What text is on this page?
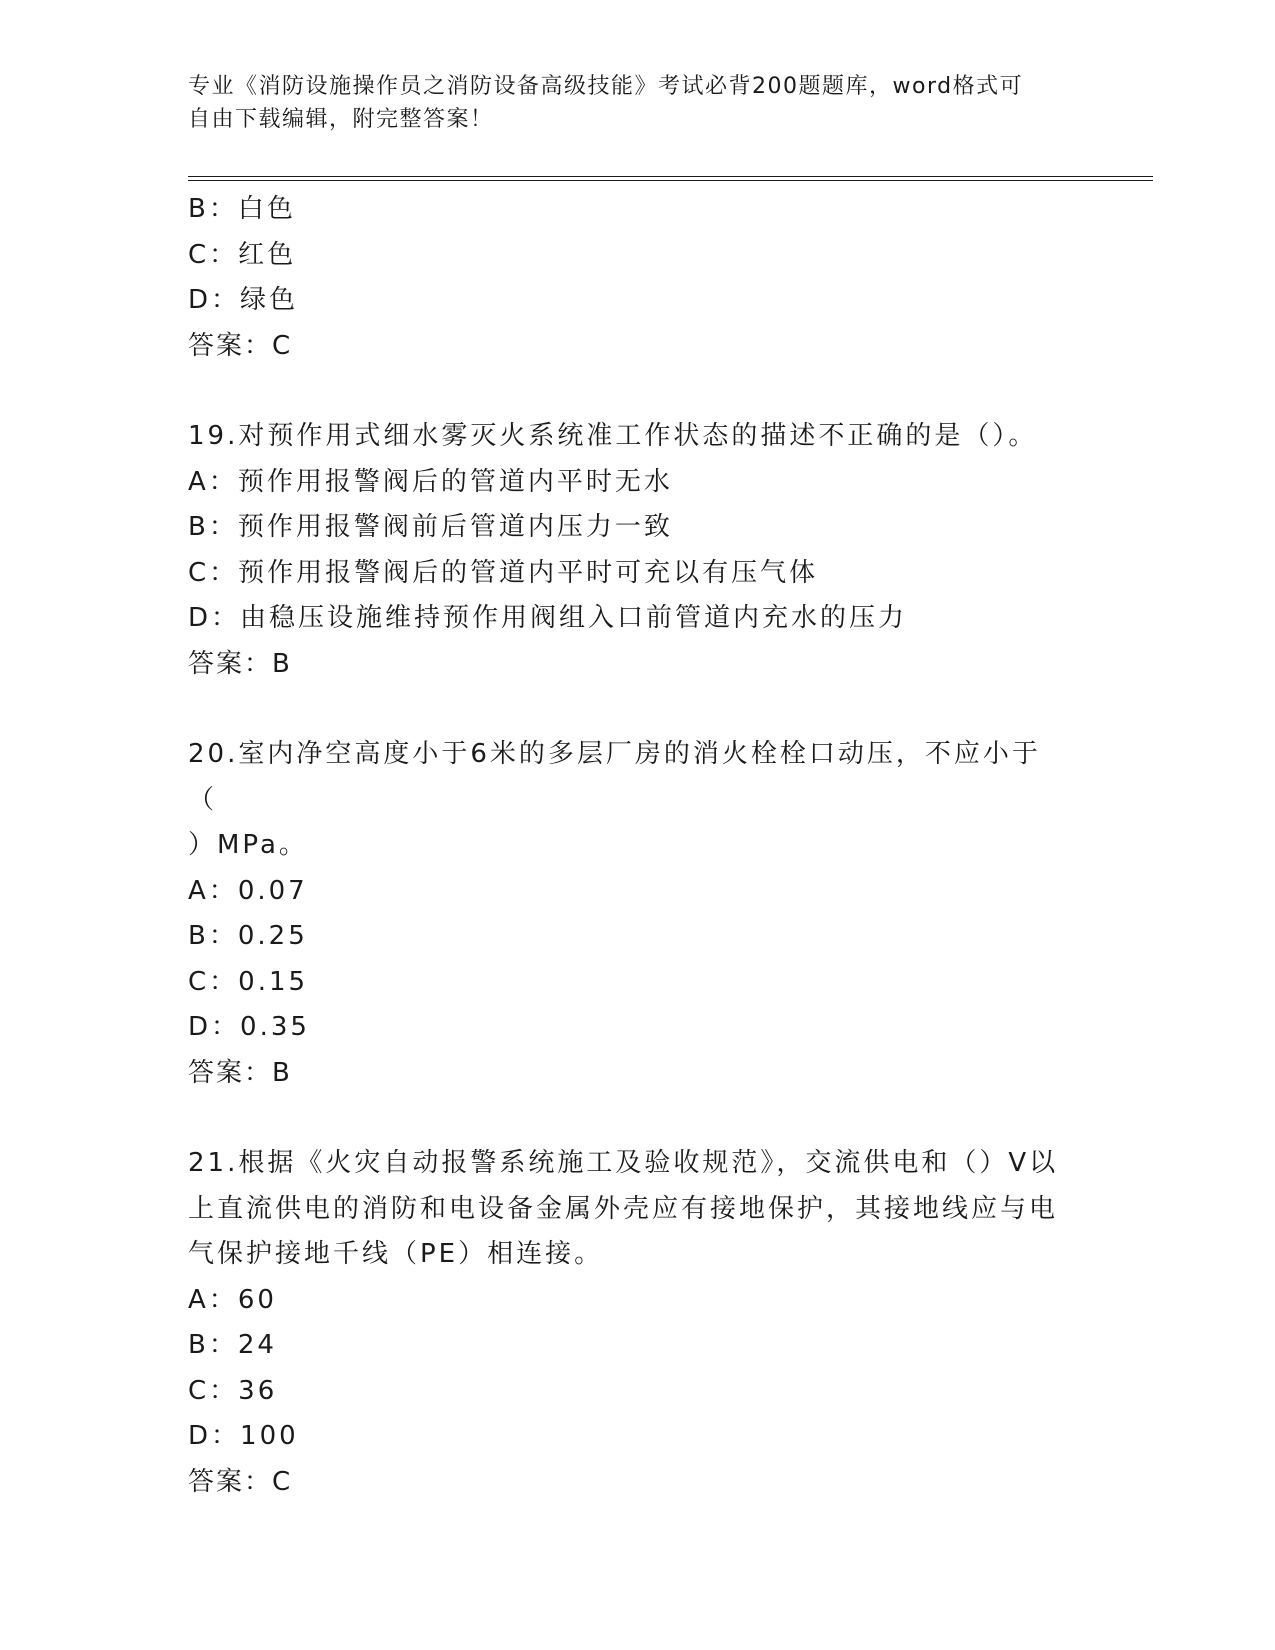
专业《消防设施操作员之消防设备高级技能》考试必背200题题库，word格式可
自由下载编辑，附完整答案！
B：白色
C：红色
D：绿色
答案：C
19.对预作用式细水雾灭火系统准工作状态的描述不正确的是（）。
A：预作用报警阀后的管道内平时无水
B：预作用报警阀前后管道内压力一致
C：预作用报警阀后的管道内平时可充以有压气体
D：由稳压设施维持预作用阀组入口前管道内充水的压力
答案：B
20.室内净空高度小于6米的多层厂房的消火栓栓口动压，不应小于（
）MPa。
A：0.07
B：0.25
C：0.15
D：0.35
答案：B
21.根据《火灾自动报警系统施工及验收规范》，交流供电和（）V以
上直流供电的消防和电设备金属外壳应有接地保护，其接地线应与电
气保护接地千线（PE）相连接。
A：60
B：24
C：36
D：100
答案：C
